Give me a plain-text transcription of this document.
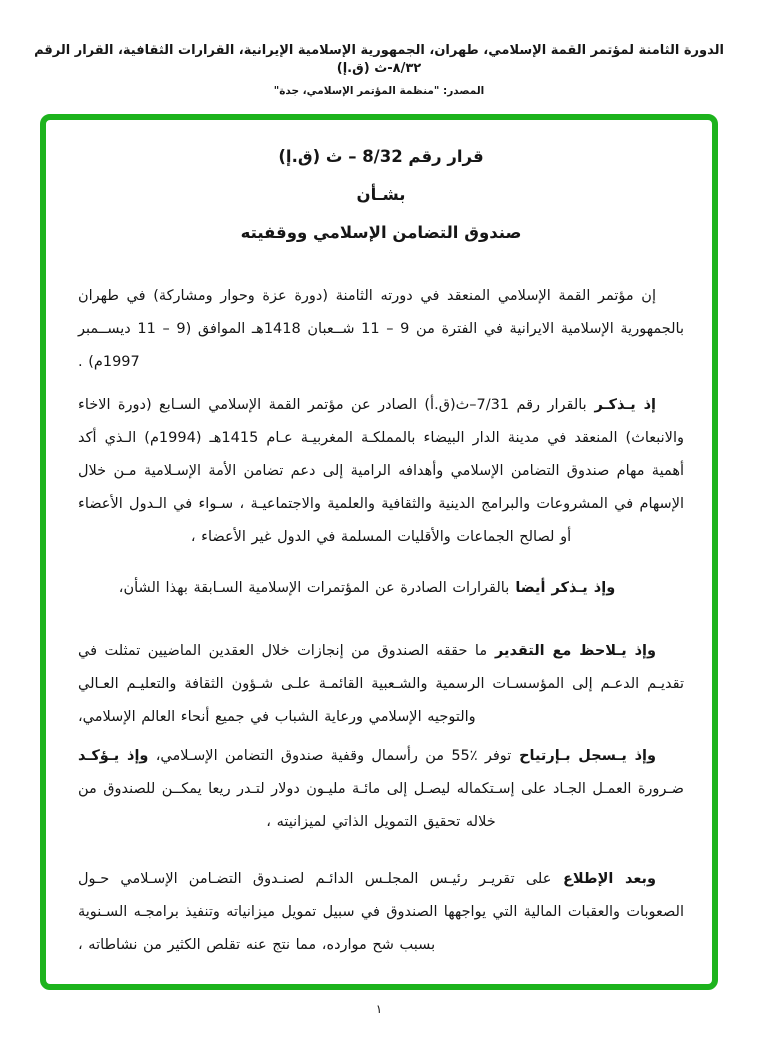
الدورة الثامنة لمؤتمر القمة الإسلامي، طهران، الجمهورية الإسلامية الإيرانية، القرارات الثقافية، القرار الرقم ٨/٣٢-ث (ق.إ)
المصدر: "منظمة المؤتمر الإسلامي، جدة"
قرار رقم 8/32 – ث (ق.إ)
بشـأن
صندوق التضامن الإسلامي ووقفيته

إن مؤتمر القمة الإسلامي المنعقد في دورته الثامنة (دورة عزة وحوار ومشاركة) في طهران بالجمهورية الإسلامية الايرانية في الفترة من 9 – 11 شــعبان 1418هـ الموافق (9 – 11 ديســمبر 1997م) .

إذ يـذكـر بالقرار رقم 7/31–ث(ق.أ) الصادر عن مؤتمر القمة الإسلامي السـابع (دورة الاخاء والانبعاث) المنعقد في مدينة الدار البيضاء بالمملكـة المغربيـة عـام 1415هـ (1994م) الـذي أكد أهمية مهام صندوق التضامن الإسلامي وأهدافه الرامية إلى دعم تضامن الأمة الإسـلامية مـن خلال الإسهام في المشروعات والبرامج الدينية والثقافية والعلمية والاجتماعيـة ، سـواء في الـدول الأعضاء أو لصالح الجماعات والأقليات المسلمة في الدول غير الأعضاء ،

وإذ يـذكر أيضا بالقرارات الصادرة عن المؤتمرات الإسلامية السـابقة بهذا الشأن،

وإذ يـلاحظ مع التقدير ما حققه الصندوق من إنجازات خلال العقدين الماضيين تمثلت في تقديـم الدعـم إلى المؤسسـات الرسمية والشـعبية القائمـة علـى شـؤون الثقافة والتعليـم العـالي والتوجيه الإسلامي ورعاية الشباب في جميع أنحاء العالم الإسلامي،

وإذ يـسجل بـإرتياح توفر ٪55 من رأسمال وقفية صندوق التضامن الإسـلامي، وإذ يـؤكـد ضـرورة العمـل الجـاد على إسـتكماله ليصـل إلى مائـة مليـون دولار لتـدر ريعا يمكــن للصندوق من خلاله تحقيق التمويل الذاتي لميزانيته ،

وبعد الإطلاع على تقريـر رئيـس المجلـس الدائـم لصنـدوق التضـامن الإسـلامي حـول الصعوبات والعقبات المالية التي يواجهها الصندوق في سبيل تمويل ميزانياته وتنفيذ برامجـه السـنوية بسبب شح موارده، مما نتج عنه تقلص الكثير من نشاطاته ،

١
